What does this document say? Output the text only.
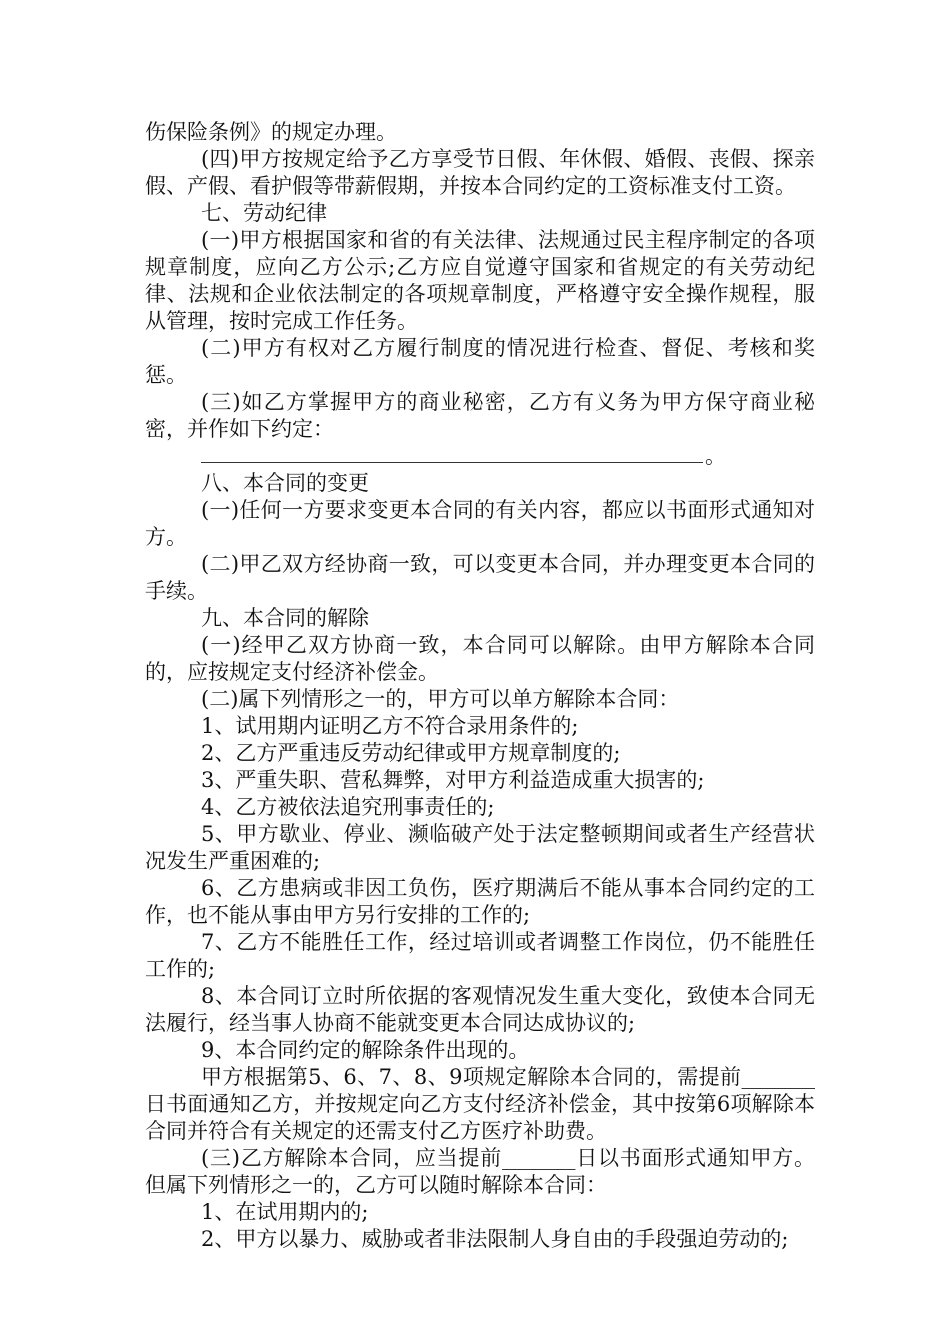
伤保险条例》的规定办理。

(四)甲方按规定给予乙方享受节日假、年休假、婚假、丧假、探亲假、产假、看护假等带薪假期，并按本合同约定的工资标准支付工资。

七、劳动纪律

(一)甲方根据国家和省的有关法律、法规通过民主程序制定的各项规章制度，应向乙方公示;乙方应自觉遵守国家和省规定的有关劳动纪律、法规和企业依法制定的各项规章制度，严格遵守安全操作规程，服从管理，按时完成工作任务。

(二)甲方有权对乙方履行制度的情况进行检查、督促、考核和奖惩。

(三)如乙方掌握甲方的商业秘密，乙方有义务为甲方保守商业秘密，并作如下约定：

。

八、本合同的变更

(一)任何一方要求变更本合同的有关内容，都应以书面形式通知对方。

(二)甲乙双方经协商一致，可以变更本合同，并办理变更本合同的手续。

九、本合同的解除

(一)经甲乙双方协商一致，本合同可以解除。由甲方解除本合同的，应按规定支付经济补偿金。

(二)属下列情形之一的，甲方可以单方解除本合同：

1、试用期内证明乙方不符合录用条件的;

2、乙方严重违反劳动纪律或甲方规章制度的;

3、严重失职、营私舞弊，对甲方利益造成重大损害的;

4、乙方被依法追究刑事责任的;

5、甲方歇业、停业、濒临破产处于法定整顿期间或者生产经营状况发生严重困难的;

6、乙方患病或非因工负伤，医疗期满后不能从事本合同约定的工作，也不能从事由甲方另行安排的工作的;

7、乙方不能胜任工作，经过培训或者调整工作岗位，仍不能胜任工作的;

8、本合同订立时所依据的客观情况发生重大变化，致使本合同无法履行，经当事人协商不能就变更本合同达成协议的;

9、本合同约定的解除条件出现的。

甲方根据第5、6、7、8、9项规定解除本合同的，需提前_______日书面通知乙方，并按规定向乙方支付经济补偿金，其中按第6项解除本合同并符合有关规定的还需支付乙方医疗补助费。

(三)乙方解除本合同，应当提前_______日以书面形式通知甲方。但属下列情形之一的，乙方可以随时解除本合同：

1、在试用期内的;

2、甲方以暴力、威胁或者非法限制人身自由的手段强迫劳动的;
